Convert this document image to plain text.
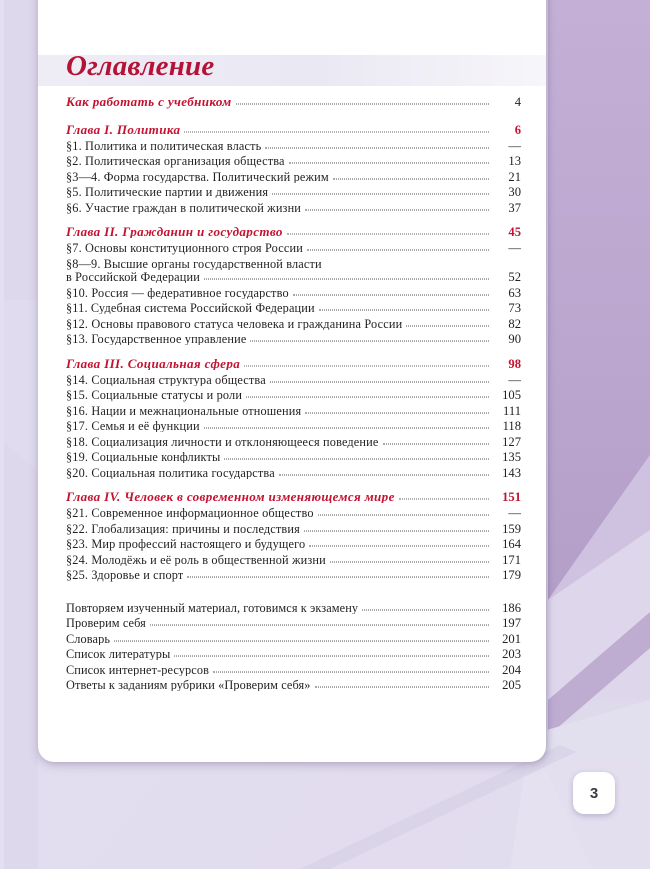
Оглавление
Как работать с учебником	4
Глава I. Политика	6
§1. Политика и политическая власть	—
§2. Политическая организация общества	13
§3—4. Форма государства. Политический режим	21
§5. Политические партии и движения	30
§6. Участие граждан в политической жизни	37
Глава II. Гражданин и государство	45
§7. Основы конституционного строя России	—
§8—9. Высшие органы государственной власти
в Российской Федерации	52
§10. Россия — федеративное государство	63
§11. Судебная система Российской Федерации	73
§12. Основы правового статуса человека и гражданина России	82
§13. Государственное управление	90
Глава III. Социальная сфера	98
§14. Социальная структура общества	—
§15. Социальные статусы и роли	105
§16. Нации и межнациональные отношения	111
§17. Семья и её функции	118
§18. Социализация личности и отклоняющееся поведение	127
§19. Социальные конфликты	135
§20. Социальная политика государства	143
Глава IV. Человек в современном изменяющемся мире	151
§21. Современное информационное общество	—
§22. Глобализация: причины и последствия	159
§23. Мир профессий настоящего и будущего	164
§24. Молодёжь и её роль в общественной жизни	171
§25. Здоровье и спорт	179
Повторяем изученный материал, готовимся к экзамену	186
Проверим себя	197
Словарь	201
Список литературы	203
Список интернет-ресурсов	204
Ответы к заданиям рубрики «Проверим себя»	205
3
